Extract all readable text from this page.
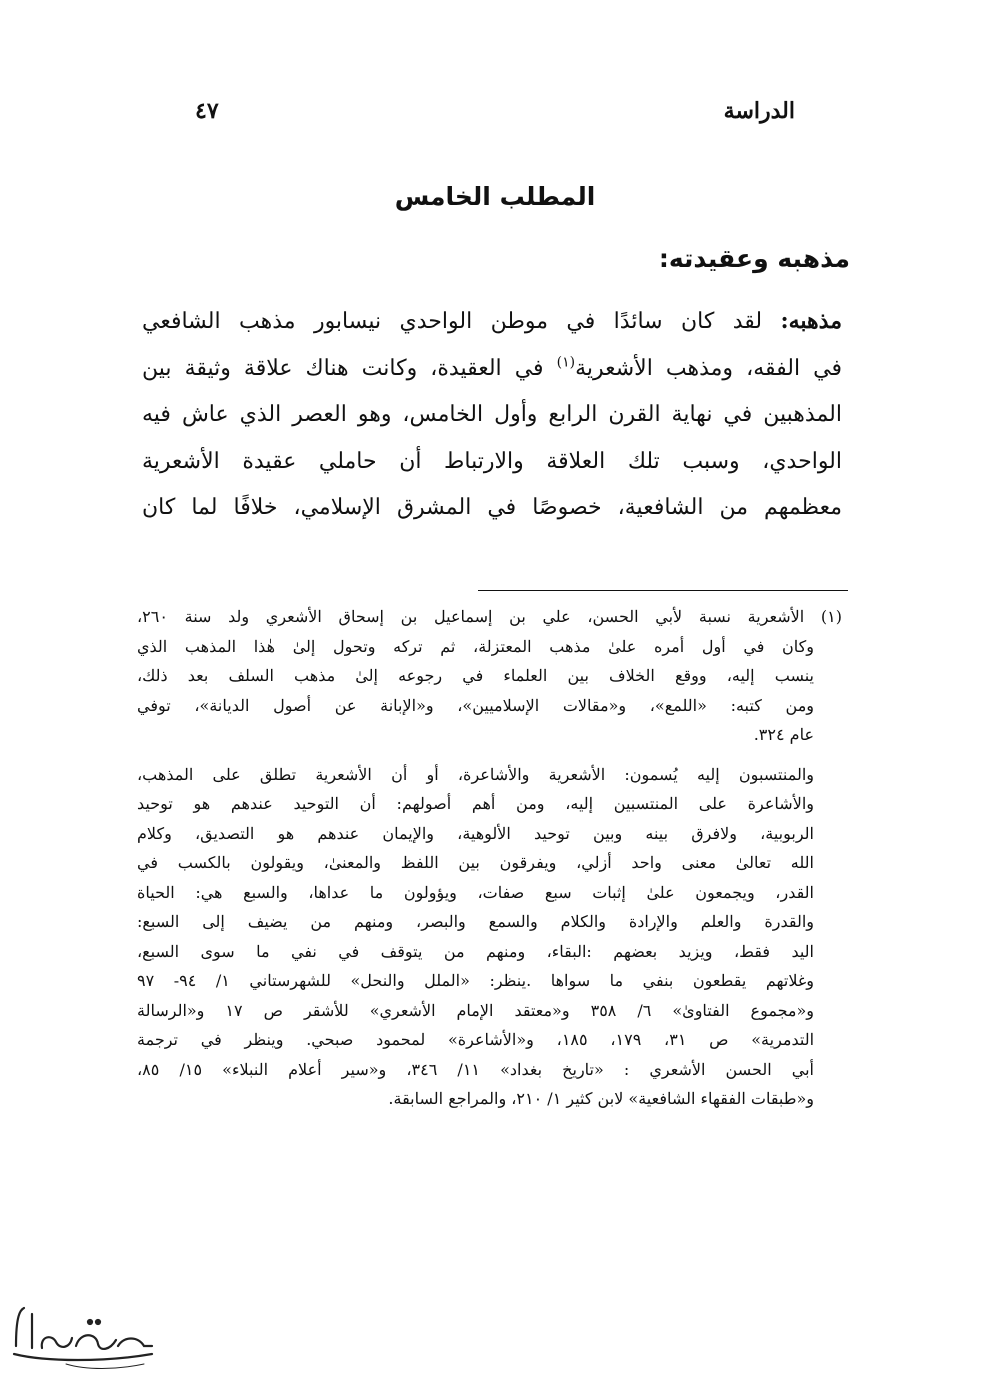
الدراسة
٤٧
المطلب الخامس
مذهبه وعقيدته:
مذهبه: لقد كان سائدًا في موطن الواحدي نيسابور مذهب الشافعي
في الفقه، ومذهب الأشعرية$^{(١)}$ في العقيدة، وكانت هناك علاقة وثيقة بين
المذهبين في نهاية القرن الرابع وأول الخامس، وهو العصر الذي عاش فيه
الواحدي، وسبب تلك العلاقة والارتباط أن حاملي عقيدة الأشعرية
معظمهم من الشافعية، خصوصًا في المشرق الإسلامي، خلافًا لما كان
(١) الأشعرية نسبة لأبي الحسن، علي بن إسماعيل بن إسحاق الأشعري ولد سنة ٢٦٠،
وكان في أول أمره علىٰ مذهب المعتزلة، ثم تركه وتحول إلىٰ هٰذا المذهب الذي
ينسب إليه، ووقع الخلاف بين العلماء في رجوعه إلىٰ مذهب السلف بعد ذلك،
ومن كتبه: «اللمع»، و«مقالات الإسلاميين»، و«الإبانة عن أصول الديانة»، توفي
عام ٣٢٤.
والمنتسبون إليه يُسمون: الأشعرية والأشاعرة، أو أن الأشعرية تطلق على المذهب،
والأشاعرة على المنتسبين إليه، ومن أهم أصولهم: أن التوحيد عندهم هو توحيد
الربوبية، ولافرق بينه وبين توحيد الألوهية، والإيمان عندهم هو التصديق، وكلام
الله تعالىٰ معنى واحد أزلي، ويفرقون بين اللفظ والمعنىٰ، ويقولون بالكسب في
القدر، ويجمعون علىٰ إثبات سبع صفات، ويؤولون ما عداها، والسبع هي: الحياة
والقدرة والعلم والإرادة والكلام والسمع والبصر، ومنهم من يضيف إلى السبع:
اليد فقط، ويزيد بعضهم :البقاء، ومنهم من يتوقف في نفي ما سوى السبع،
وغلاتهم يقطعون بنفي ما سواها .ينظر: «الملل والنحل» للشهرستاني ١/ ٩٤- ٩٧
و«مجموع الفتاوىٰ» ٦/ ٣٥٨ و«معتقد الإمام الأشعري» للأشقر ص ١٧ و«الرسالة
التدمرية» ص ٣١، ١٧٩، ١٨٥، و«الأشاعرة» لمحمود صبحي. وينظر في ترجمة
أبي الحسن الأشعري : «تاريخ بغداد» ١١/ ٣٤٦، و«سير أعلام النبلاء» ١٥/ ٨٥،
و«طبقات الفقهاء الشافعية» لابن كثير ١/ ٢١٠، والمراجع السابقة.
